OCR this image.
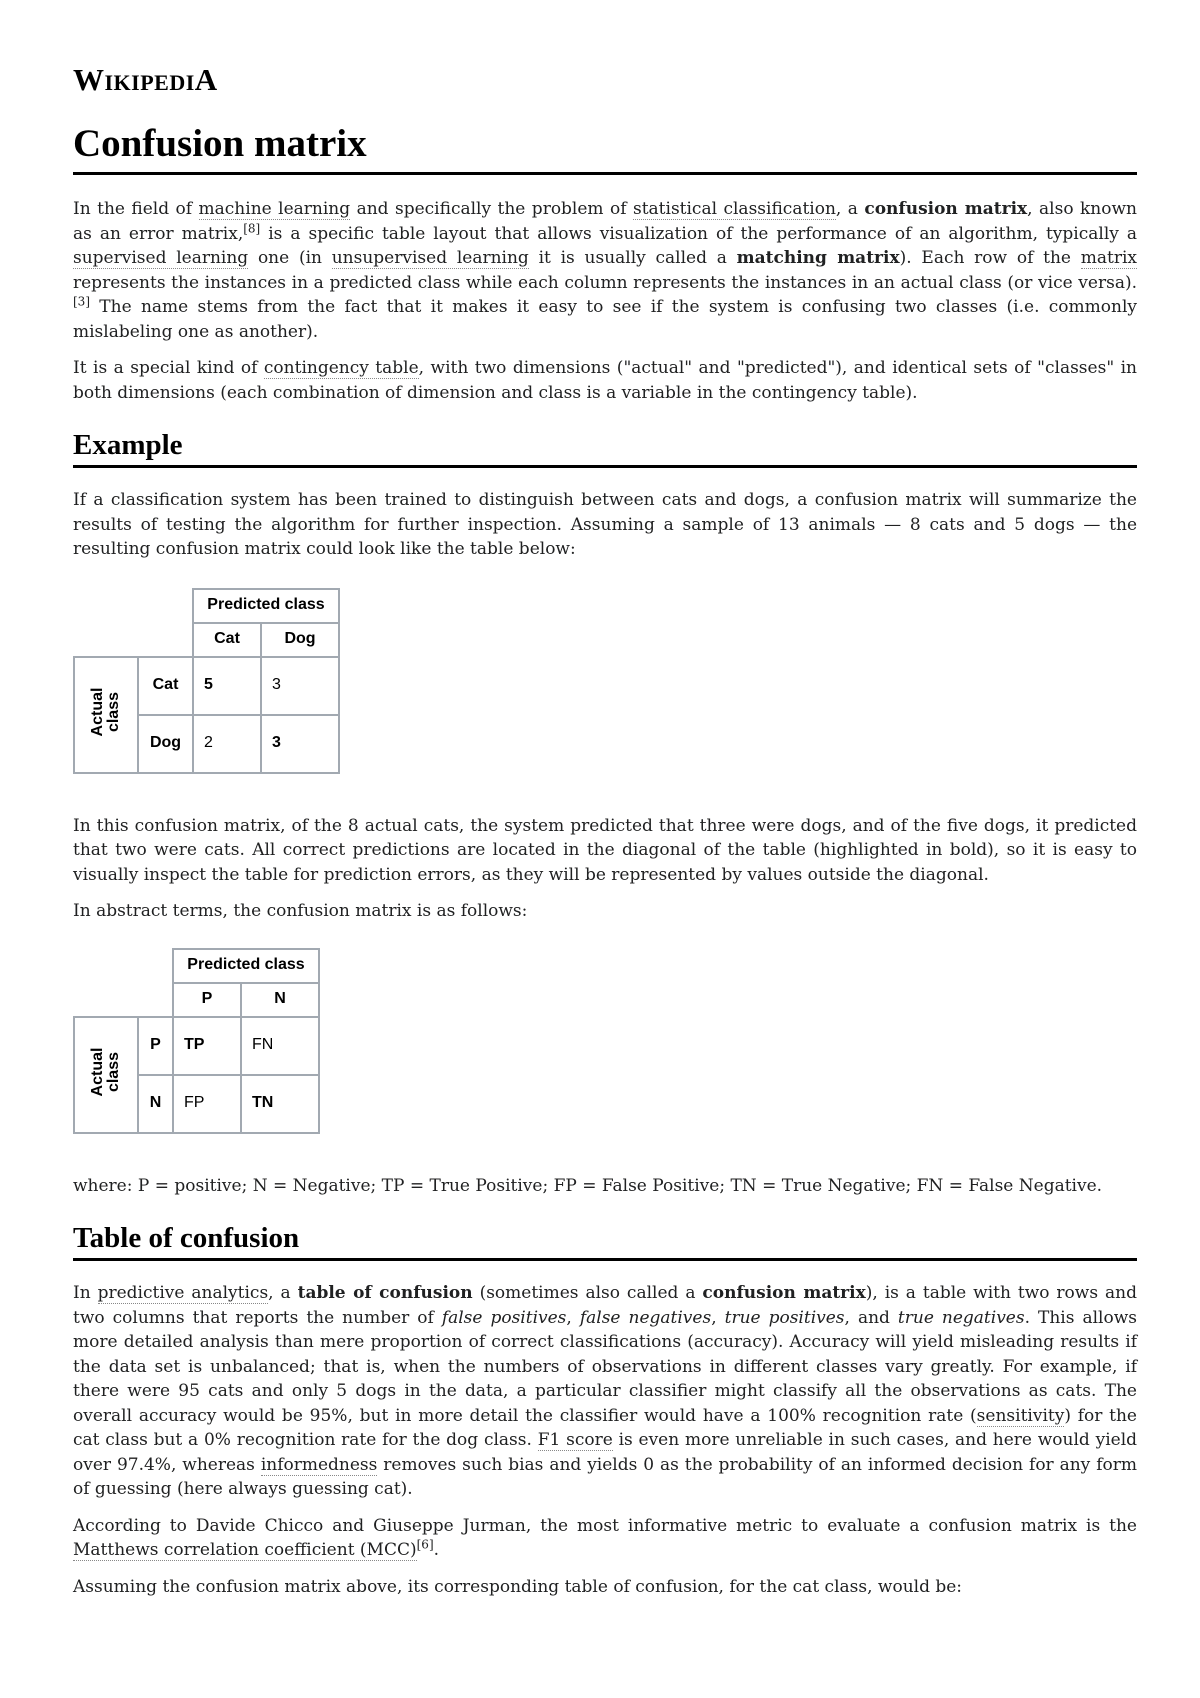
WikipediA
Confusion matrix

In the field of machine learning and specifically the problem of statistical classification, a confusion matrix, also known as an error matrix,[8] is a specific table layout that allows visualization of the performance of an algorithm, typically a supervised learning one (in unsupervised learning it is usually called a matching matrix). Each row of the matrix represents the instances in a predicted class while each column represents the instances in an actual class (or vice versa).[3] The name stems from the fact that it makes it easy to see if the system is confusing two classes (i.e. commonly mislabeling one as another).

It is a special kind of contingency table, with two dimensions ("actual" and "predicted"), and identical sets of "classes" in both dimensions (each combination of dimension and class is a variable in the contingency table).

Example

If a classification system has been trained to distinguish between cats and dogs, a confusion matrix will summarize the results of testing the algorithm for further inspection. Assuming a sample of 13 animals — 8 cats and 5 dogs — the resulting confusion matrix could look like the table below:

		Predicted class	
		Cat	Dog
Actual class	Cat	5	3
	Dog	2	3

In this confusion matrix, of the 8 actual cats, the system predicted that three were dogs, and of the five dogs, it predicted that two were cats. All correct predictions are located in the diagonal of the table (highlighted in bold), so it is easy to visually inspect the table for prediction errors, as they will be represented by values outside the diagonal.

In abstract terms, the confusion matrix is as follows:

		Predicted class	
		P	N
Actual class	P	TP	FN
	N	FP	TN

where: P = positive; N = Negative; TP = True Positive; FP = False Positive; TN = True Negative; FN = False Negative.

Table of confusion

In predictive analytics, a table of confusion (sometimes also called a confusion matrix), is a table with two rows and two columns that reports the number of false positives, false negatives, true positives, and true negatives. This allows more detailed analysis than mere proportion of correct classifications (accuracy). Accuracy will yield misleading results if the data set is unbalanced; that is, when the numbers of observations in different classes vary greatly. For example, if there were 95 cats and only 5 dogs in the data, a particular classifier might classify all the observations as cats. The overall accuracy would be 95%, but in more detail the classifier would have a 100% recognition rate (sensitivity) for the cat class but a 0% recognition rate for the dog class. F1 score is even more unreliable in such cases, and here would yield over 97.4%, whereas informedness removes such bias and yields 0 as the probability of an informed decision for any form of guessing (here always guessing cat).

According to Davide Chicco and Giuseppe Jurman, the most informative metric to evaluate a confusion matrix is the Matthews correlation coefficient (MCC)[6].

Assuming the confusion matrix above, its corresponding table of confusion, for the cat class, would be:
